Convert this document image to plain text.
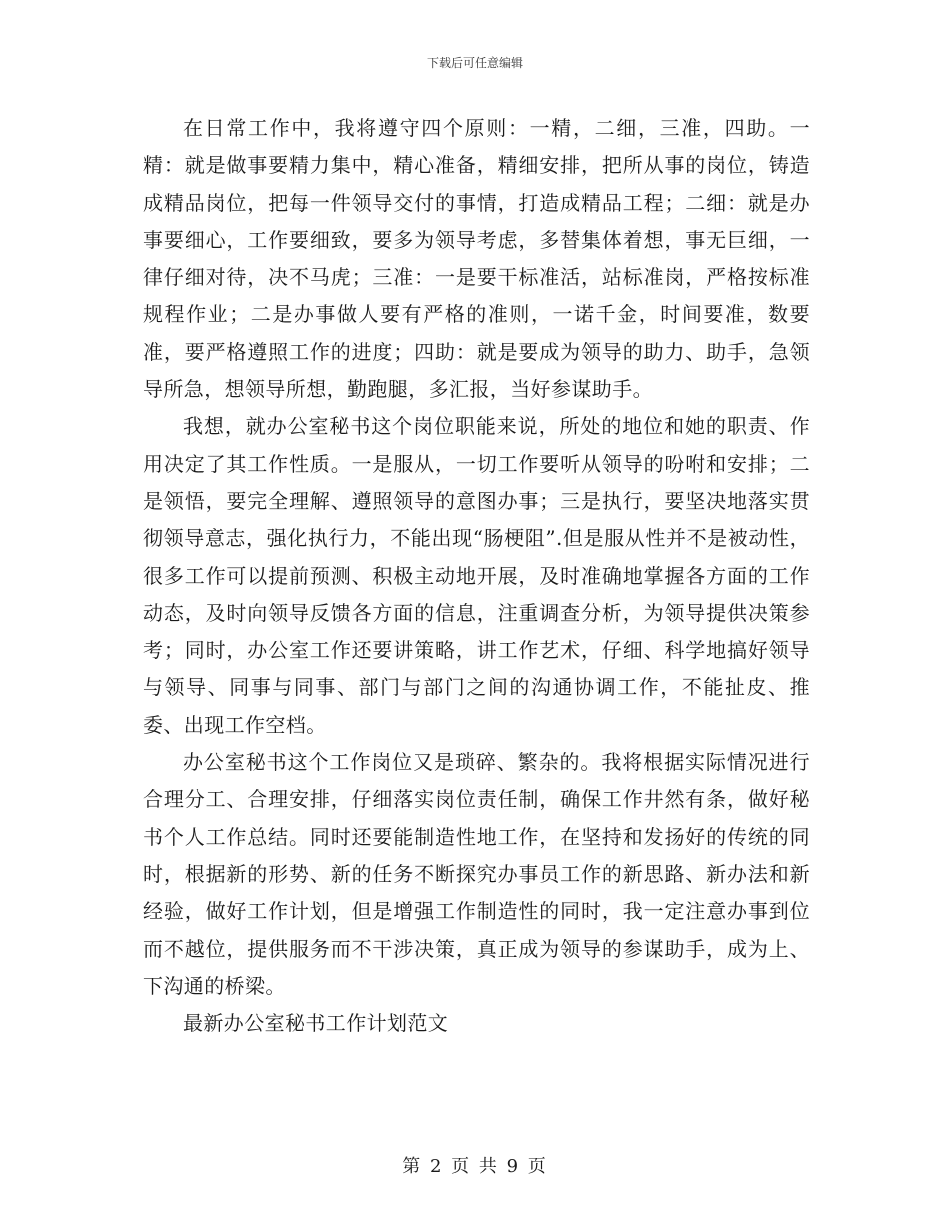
下载后可任意编辑

在日常工作中，我将遵守四个原则：一精，二细，三准，四助。一精：就是做事要精力集中，精心准备，精细安排，把所从事的岗位，铸造成精品岗位，把每一件领导交付的事情，打造成精品工程；二细：就是办事要细心，工作要细致，要多为领导考虑，多替集体着想，事无巨细，一律仔细对待，决不马虎；三准：一是要干标准活，站标准岗，严格按标准规程作业；二是办事做人要有严格的准则，一诺千金，时间要准，数要准，要严格遵照工作的进度；四助：就是要成为领导的助力、助手，急领导所急，想领导所想，勤跑腿，多汇报，当好参谋助手。

我想，就办公室秘书这个岗位职能来说，所处的地位和她的职责、作用决定了其工作性质。一是服从，一切工作要听从领导的吩咐和安排；二是领悟，要完全理解、遵照领导的意图办事；三是执行，要坚决地落实贯彻领导意志，强化执行力，不能出现“肠梗阻”.但是服从性并不是被动性，很多工作可以提前预测、积极主动地开展，及时准确地掌握各方面的工作动态，及时向领导反馈各方面的信息，注重调查分析，为领导提供决策参考；同时，办公室工作还要讲策略，讲工作艺术，仔细、科学地搞好领导与领导、同事与同事、部门与部门之间的沟通协调工作，不能扯皮、推委、出现工作空档。

办公室秘书这个工作岗位又是琐碎、繁杂的。我将根据实际情况进行合理分工、合理安排，仔细落实岗位责任制，确保工作井然有条，做好秘书个人工作总结。同时还要能制造性地工作，在坚持和发扬好的传统的同时，根据新的形势、新的任务不断探究办事员工作的新思路、新办法和新经验，做好工作计划，但是增强工作制造性的同时，我一定注意办事到位而不越位，提供服务而不干涉决策，真正成为领导的参谋助手，成为上、下沟通的桥梁。

最新办公室秘书工作计划范文

第 2 页 共 9 页
